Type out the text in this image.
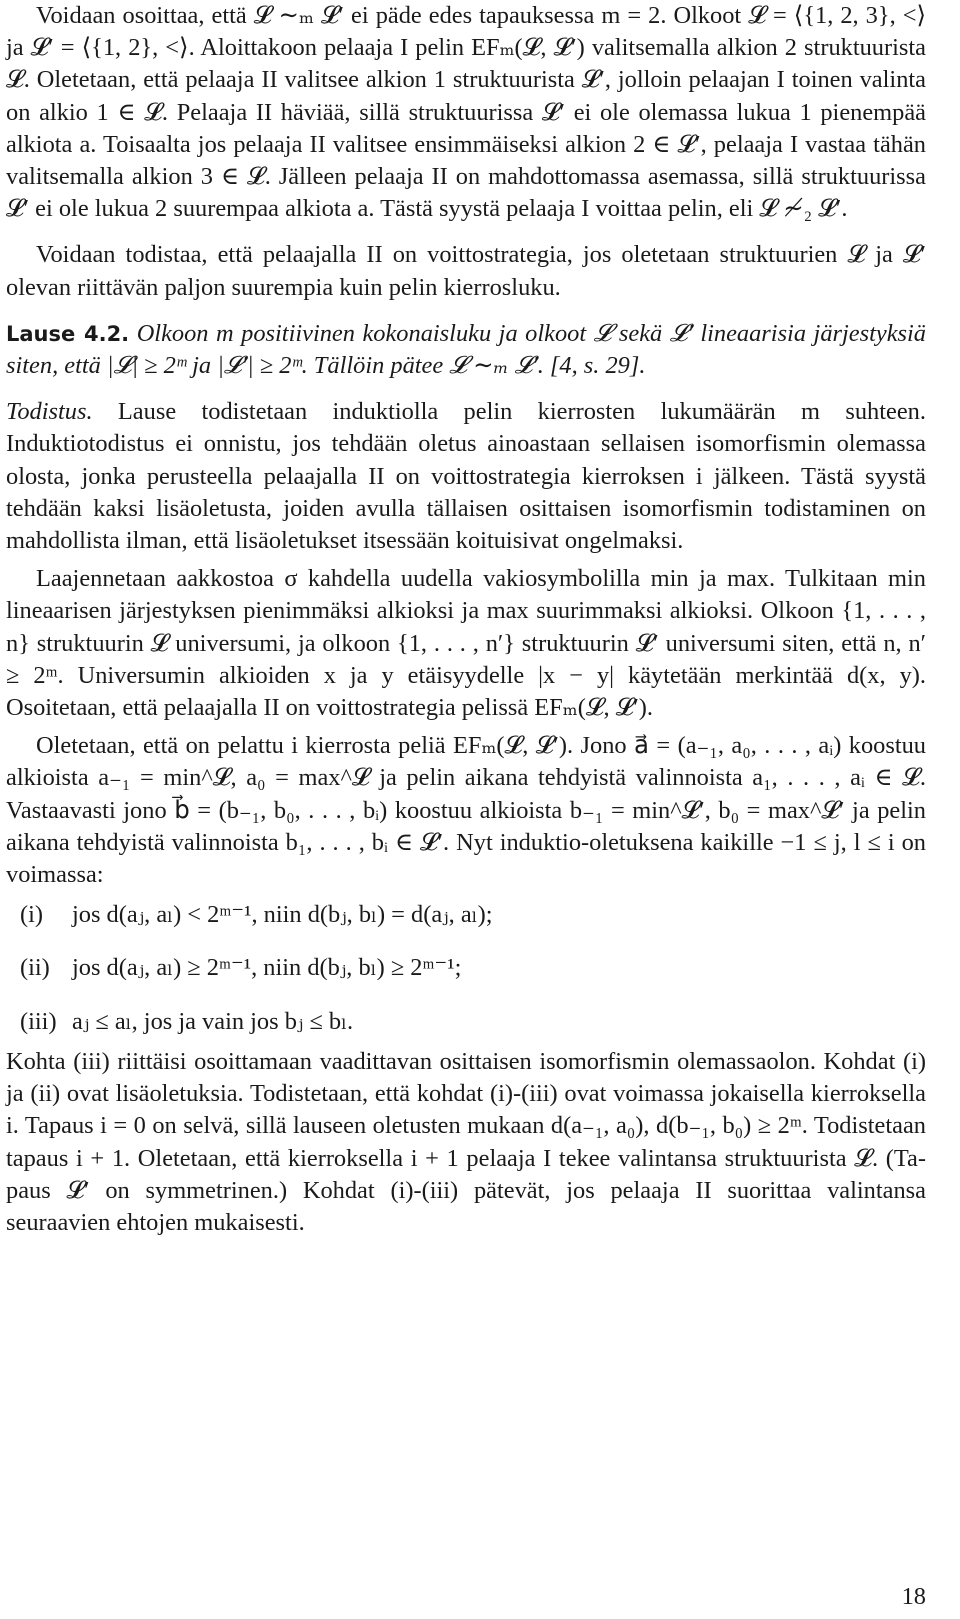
Voidaan osoittaa, että 𝓛 ∼ₘ 𝓛′ ei päde edes tapauksessa m = 2. Olkoot 𝓛 = ⟨{1, 2, 3}, <⟩ ja 𝓛′ = ⟨{1, 2}, <⟩. Aloittakoon pelaaja I pelin EFₘ(𝓛, 𝓛′) valitsemalla alkion 2 struktuurista 𝓛. Oletetaan, että pelaaja II valitsee alkion 1 struktuurista 𝓛′, jolloin pelaajan I toinen valinta on alkio 1 ∈ 𝓛. Pelaaja II häviää, sillä struktuurissa 𝓛′ ei ole olemassa lukua 1 pienempää alkiota a. Toisaalta jos pelaaja II valitsee ensimmäiseksi alkion 2 ∈ 𝓛′, pelaaja I vastaa tähän valitsemalla alkion 3 ∈ 𝓛. Jälleen pelaaja II on mahdottomassa asemassa, sillä struktuurissa 𝓛′ ei ole lukua 2 suurempaa alkiota a. Tästä syystä pelaaja I voittaa pelin, eli 𝓛 ≁₂ 𝓛′.

Voidaan todistaa, että pelaajalla II on voittostrategia, jos oletetaan struktuurien 𝓛 ja 𝓛′ olevan riittävän paljon suurempia kuin pelin kierrosluku.

Lause 4.2. Olkoon m positiivinen kokonaisluku ja olkoot 𝓛 sekä 𝓛′ lineaarisia järjestyksiä siten, että |𝓛| ≥ 2ᵐ ja |𝓛′| ≥ 2ᵐ. Tällöin pätee 𝓛 ∼ₘ 𝓛′. [4, s. 29].

Todistus. Lause todistetaan induktiolla pelin kierrosten lukumäärän m suhteen. Induktiotodistus ei onnistu, jos tehdään oletus ainoastaan sellaisen isomorfismin olemassa olosta, jonka perusteella pelaajalla II on voittostrategia kierroksen i jälkeen. Tästä syystä tehdään kaksi lisäoletusta, joiden avulla tällaisen osittaisen isomorfismin todistaminen on mahdollista ilman, että lisäoletukset itsessään koituisivat ongelmaksi.

Laajennetaan aakkostoa σ kahdella uudella vakiosymbolilla min ja max. Tulkitaan min lineaarisen järjestyksen pienimmäksi alkioksi ja max suurimmaksi alkioksi. Olkoon {1, . . . , n} struktuurin 𝓛 universumi, ja olkoon {1, . . . , n′} struktuurin 𝓛′ universumi siten, että n, n′ ≥ 2ᵐ. Universumin alkioiden x ja y etäisyydelle |x − y| käytetään merkintää d(x, y). Osoitetaan, että pelaajalla II on voittostrategia pelissä EFₘ(𝓛, 𝓛′).

Oletetaan, että on pelattu i kierrosta peliä EFₘ(𝓛, 𝓛′). Jono a⃗ = (a₋₁, a₀, . . . , aᵢ) koostuu alkioista a₋₁ = min^𝓛, a₀ = max^𝓛 ja pelin aikana tehdyistä valinnoista a₁, . . . , aᵢ ∈ 𝓛. Vastaavasti jono b⃗ = (b₋₁, b₀, . . . , bᵢ) koostuu alkioista b₋₁ = min^𝓛′, b₀ = max^𝓛′ ja pelin aikana tehdyistä valinnoista b₁, . . . , bᵢ ∈ 𝓛′. Nyt induktio-oletuksena kaikille −1 ≤ j, l ≤ i on voimassa:

(i) jos d(aⱼ, aₗ) < 2ᵐ⁻¹, niin d(bⱼ, bₗ) = d(aⱼ, aₗ);
(ii) jos d(aⱼ, aₗ) ≥ 2ᵐ⁻¹, niin d(bⱼ, bₗ) ≥ 2ᵐ⁻¹;
(iii) aⱼ ≤ aₗ, jos ja vain jos bⱼ ≤ bₗ.

Kohta (iii) riittäisi osoittamaan vaadittavan osittaisen isomorfismin olemassaolon. Kohdat (i) ja (ii) ovat lisäoletuksia. Todistetaan, että kohdat (i)-(iii) ovat voimassa jokaisella kierroksella i. Tapaus i = 0 on selvä, sillä lauseen oletusten mukaan d(a₋₁, a₀), d(b₋₁, b₀) ≥ 2ᵐ. Todistetaan tapaus i + 1. Oletetaan, että kierroksella i + 1 pelaaja I tekee valintansa struktuurista 𝓛. (Tapaus 𝓛′ on symmetrinen.) Kohdat (i)-(iii) pätevät, jos pelaaja II suorittaa valintansa seuraavien ehtojen mukaisesti.

18
